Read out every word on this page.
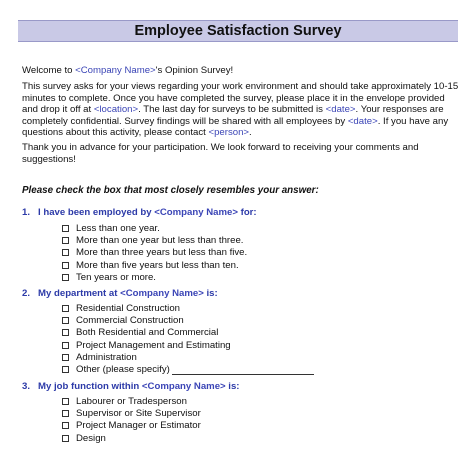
Employee Satisfaction Survey
Welcome to <Company Name>'s Opinion Survey!
This survey asks for your views regarding your work environment and should take approximately 10-15 minutes to complete. Once you have completed the survey, please place it in the envelope provided and drop it off at <location>. The last day for surveys to be submitted is <date>. Your responses are completely confidential. Survey findings will be shared with all employees by <date>. If you have any questions about this activity, please contact <person>.
Thank you in advance for your participation. We look forward to receiving your comments and suggestions!
Please check the box that most closely resembles your answer:
1. I have been employed by <Company Name> for:
Less than one year.
More than one year but less than three.
More than three years but less than five.
More than five years but less than ten.
Ten years or more.
2. My department at <Company Name> is:
Residential Construction
Commercial Construction
Both Residential and Commercial
Project Management and Estimating
Administration
Other (please specify)
3. My job function within <Company Name> is:
Labourer or Tradesperson
Supervisor or Site Supervisor
Project Manager or Estimator
Design
